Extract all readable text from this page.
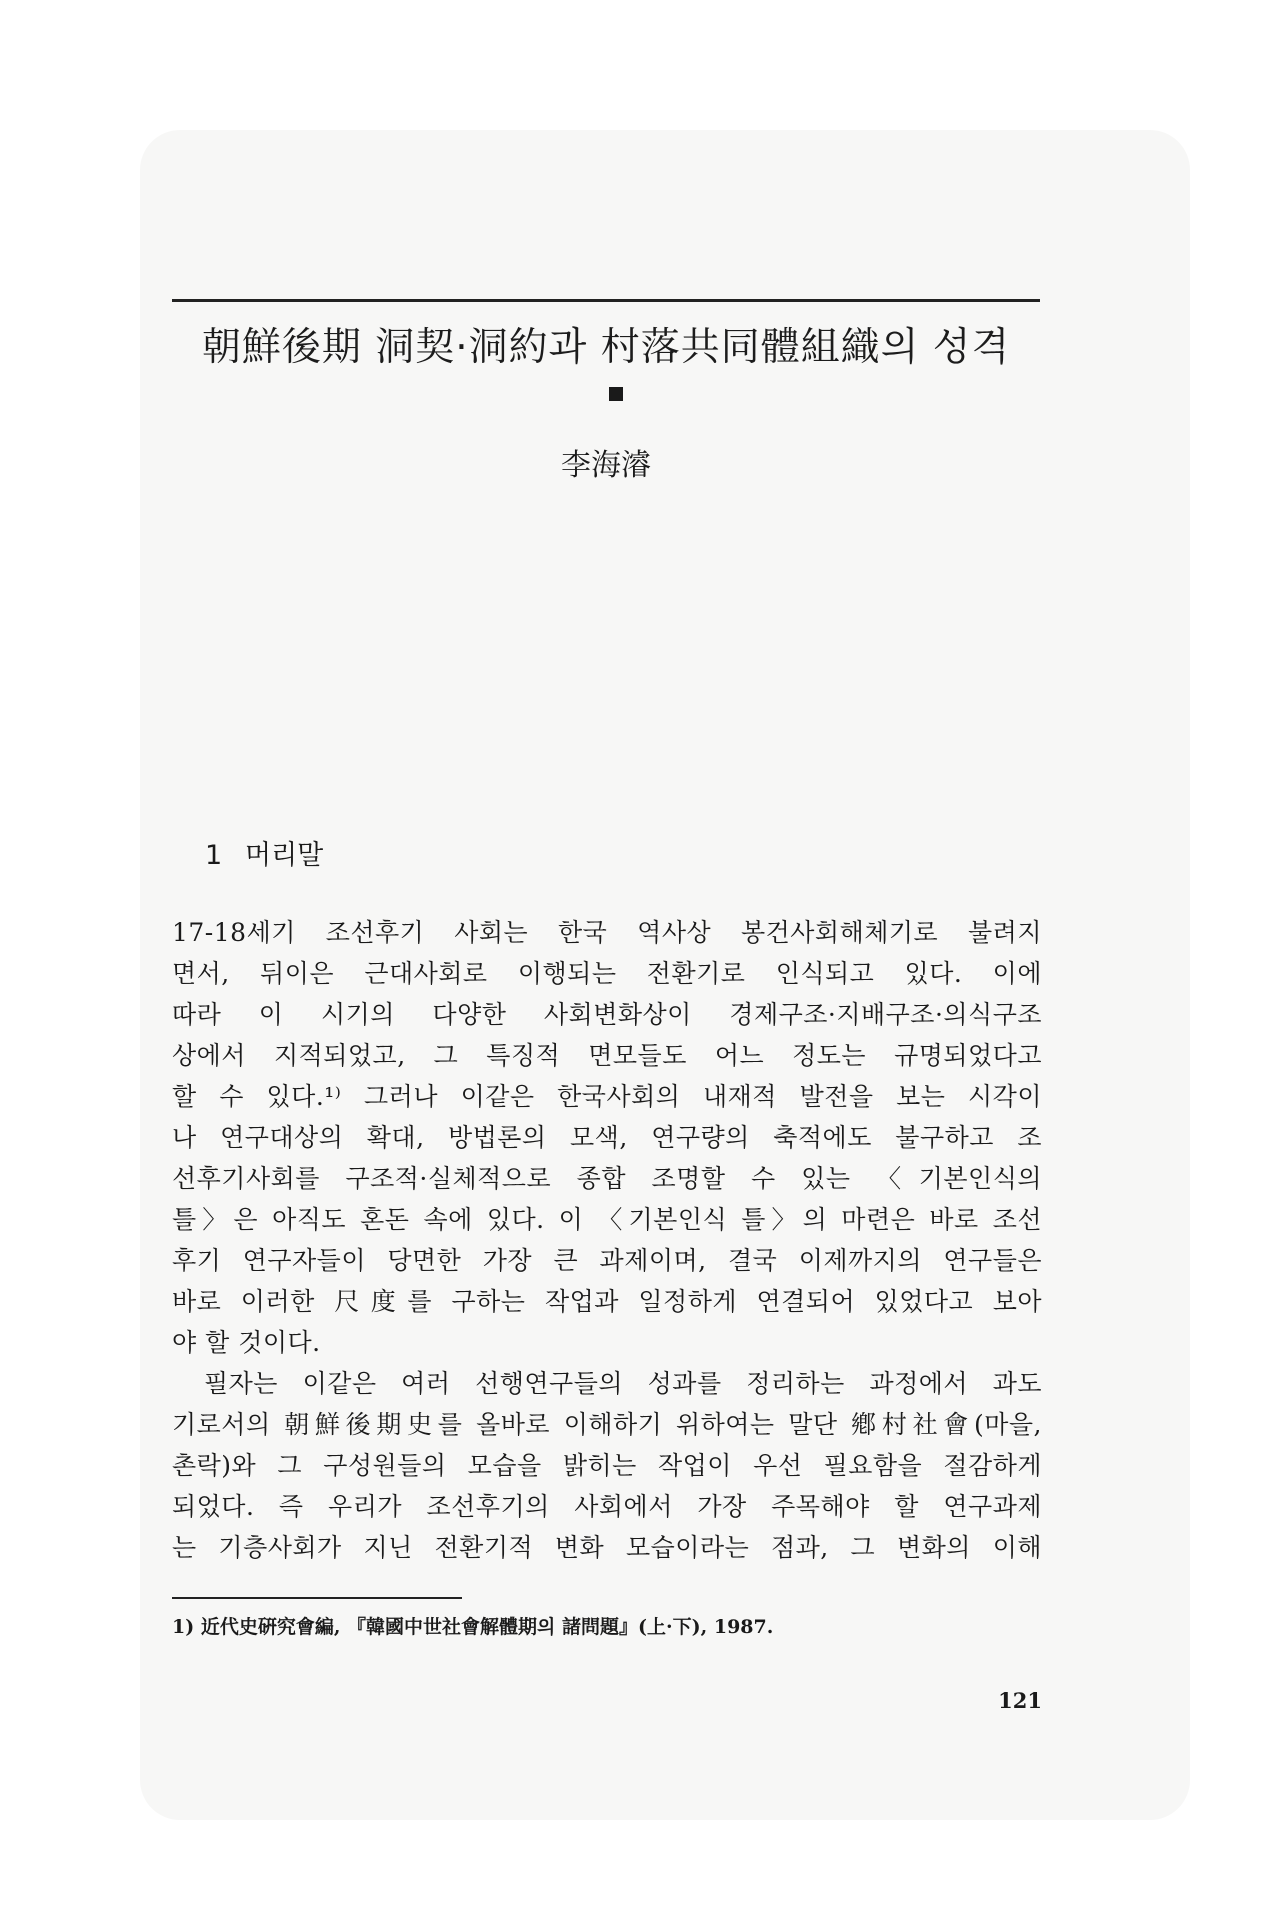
朝鮮後期 洞契·洞約과 村落共同體組織의 성격
李海濬
1 머리말
17-18세기 조선후기 사회는 한국 역사상 봉건사회해체기로 불려지
면서, 뒤이은 근대사회로 이행되는 전환기로 인식되고 있다. 이에
따라 이 시기의 다양한 사회변화상이 경제구조·지배구조·의식구조
상에서 지적되었고, 그 특징적 면모들도 어느 정도는 규명되었다고
할 수 있다.¹⁾ 그러나 이같은 한국사회의 내재적 발전을 보는 시각이
나 연구대상의 확대, 방법론의 모색, 연구량의 축적에도 불구하고 조
선후기사회를 구조적·실체적으로 종합 조명할 수 있는 〈기본인식의
틀〉은 아직도 혼돈 속에 있다. 이 〈기본인식 틀〉의 마련은 바로 조선
후기 연구자들이 당면한 가장 큰 과제이며, 결국 이제까지의 연구들은
바로 이러한 尺度를 구하는 작업과 일정하게 연결되어 있었다고 보아
야 할 것이다.
필자는 이같은 여러 선행연구들의 성과를 정리하는 과정에서 과도
기로서의 朝鮮後期史를 올바로 이해하기 위하여는 말단 鄕村社會(마을,
촌락)와 그 구성원들의 모습을 밝히는 작업이 우선 필요함을 절감하게
되었다. 즉 우리가 조선후기의 사회에서 가장 주목해야 할 연구과제
는 기층사회가 지닌 전환기적 변화 모습이라는 점과, 그 변화의 이해
1) 近代史硏究會編, 『韓國中世社會解體期의 諸問題』(上·下), 1987.
121
